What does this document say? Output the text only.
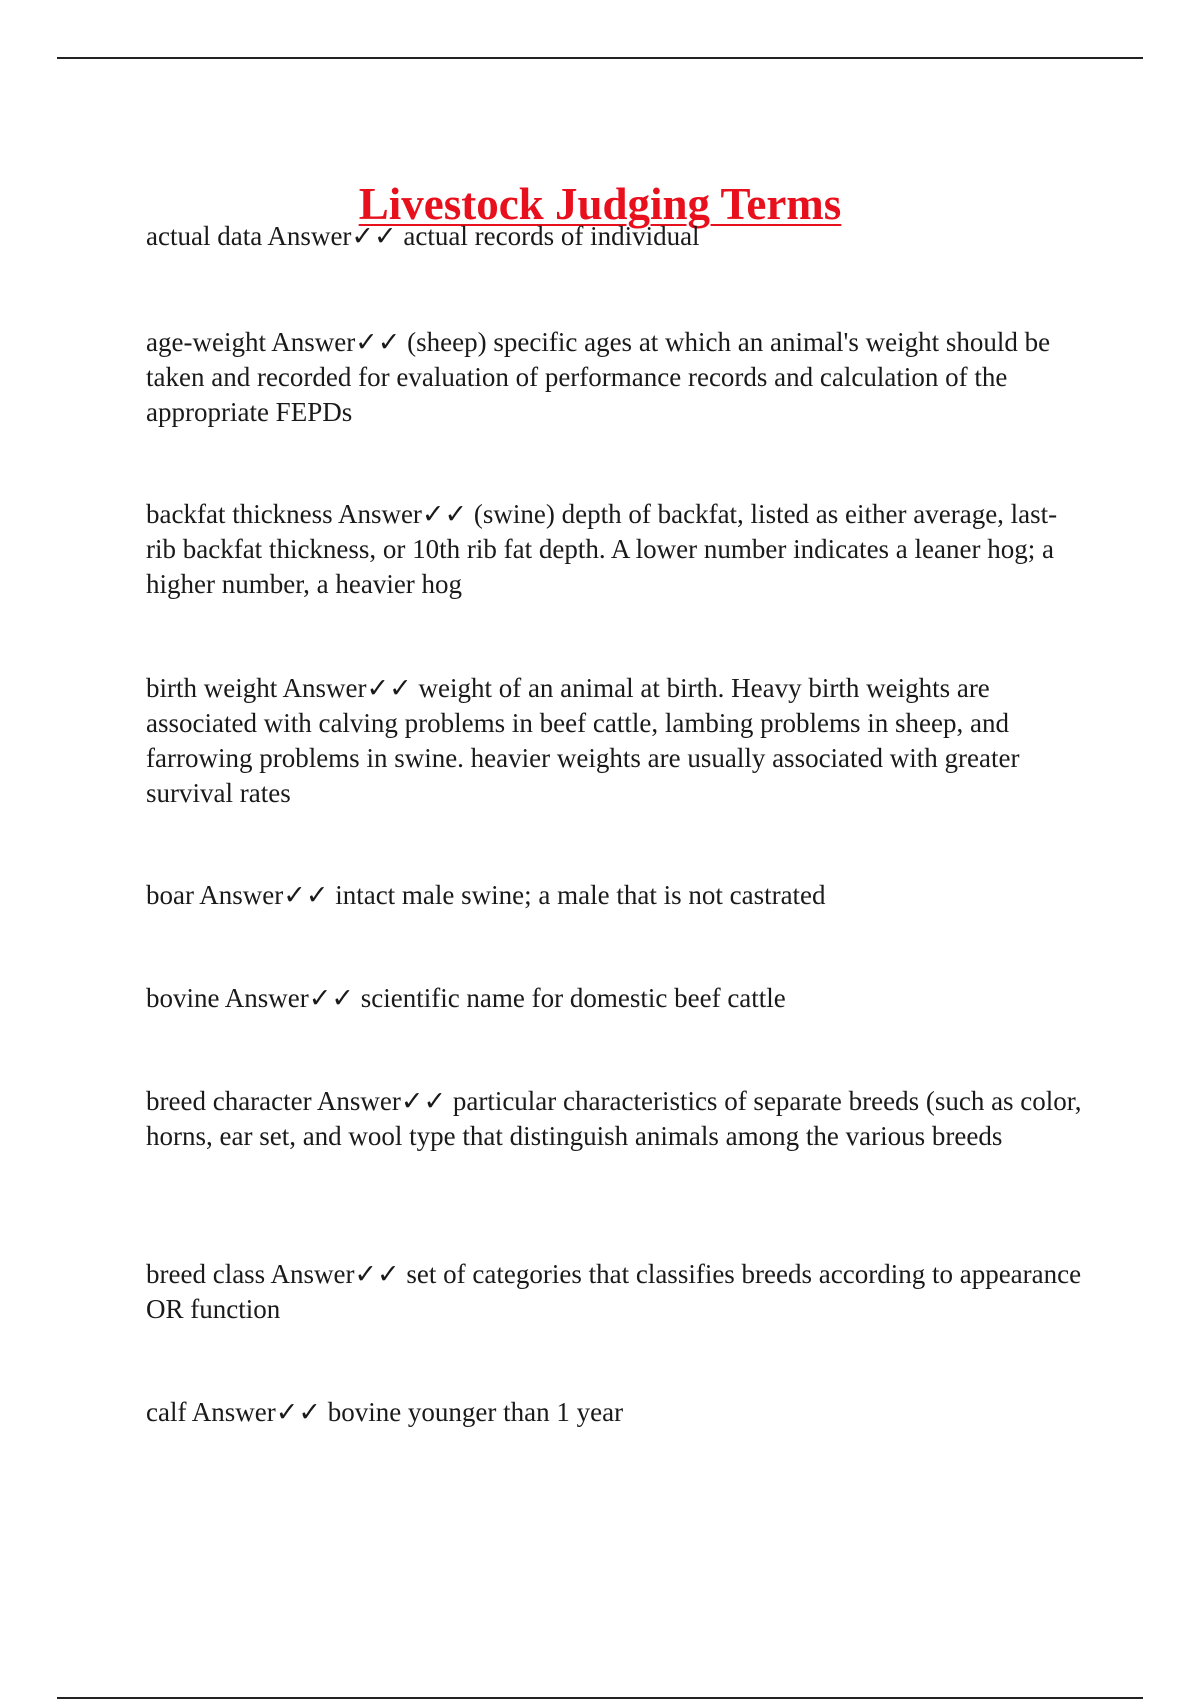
Livestock Judging Terms

actual data Answer✓✓ actual records of individual

age-weight Answer✓✓ (sheep) specific ages at which an animal's weight should be taken and recorded for evaluation of performance records and calculation of the appropriate FEPDs

backfat thickness Answer✓✓ (swine) depth of backfat, listed as either average, last-rib backfat thickness, or 10th rib fat depth. A lower number indicates a leaner hog; a higher number, a heavier hog

birth weight Answer✓✓ weight of an animal at birth. Heavy birth weights are associated with calving problems in beef cattle, lambing problems in sheep, and farrowing problems in swine. heavier weights are usually associated with greater survival rates

boar Answer✓✓ intact male swine; a male that is not castrated

bovine Answer✓✓ scientific name for domestic beef cattle

breed character Answer✓✓ particular characteristics of separate breeds (such as color, horns, ear set, and wool type that distinguish animals among the various breeds

breed class Answer✓✓ set of categories that classifies breeds according to appearance OR function

calf Answer✓✓ bovine younger than 1 year
